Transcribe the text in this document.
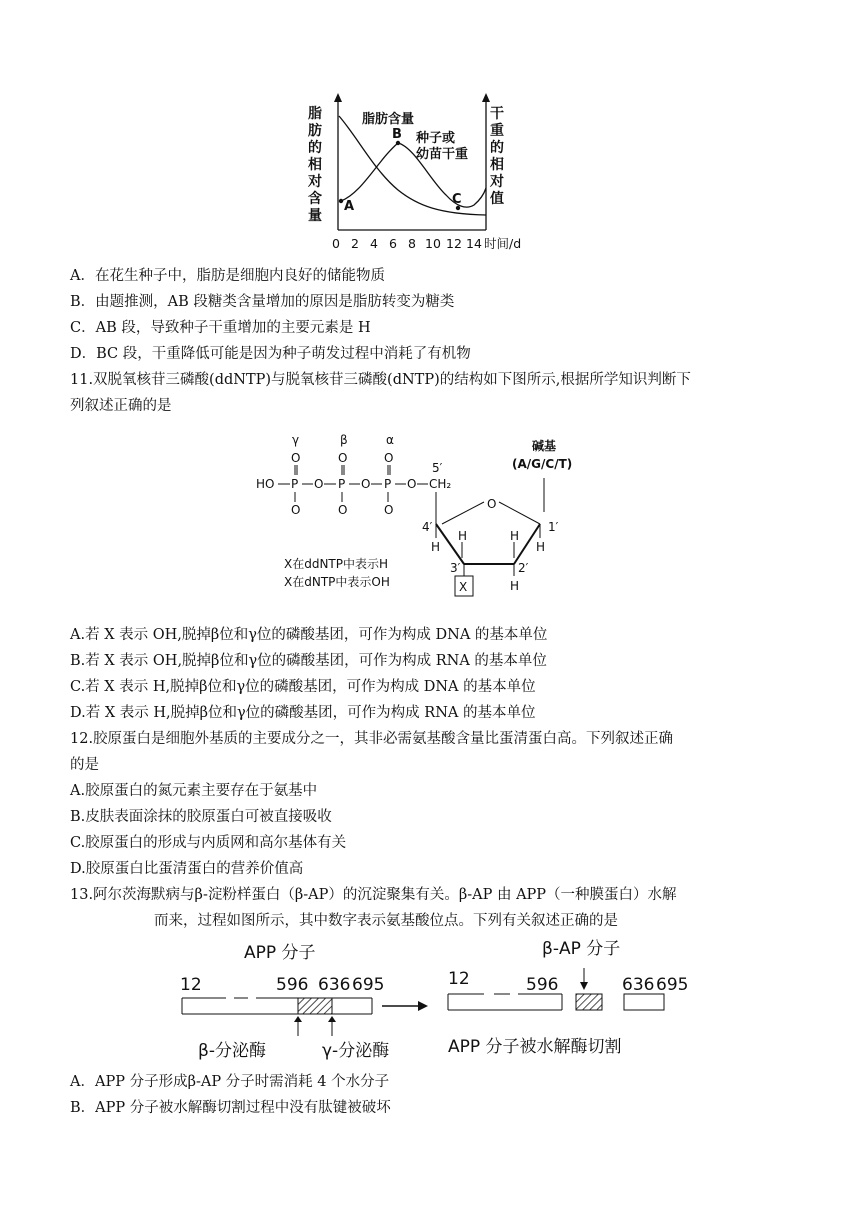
脂
肪
的
相
对
含
量
干
重
的
相
对
值
脂肪含量
种子或
幼苗干重
A
B
C
0 2 4 6 8 10 12 14 时间/d
A．在花生种子中，脂肪是细胞内良好的储能物质
B．由题推测，AB 段糖类含量增加的原因是脂肪转变为糖类
C．AB 段，导致种子干重增加的主要元素是 H
D．BC 段，干重降低可能是因为种子萌发过程中消耗了有机物
11.双脱氧核苷三磷酸(ddNTP)与脱氧核苷三磷酸(dNTP)的结构如下图所示,根据所学知识判断下
列叙述正确的是
γ	β	α
O	O	O
HO P O P O P O CH₂
O	O	O
5′
O
4′	1′
3′	2′
H	H
H	H
X	H
碱基
(A/G/C/T)
X在ddNTP中表示H
X在dNTP中表示OH
A.若 X 表示 OH,脱掉β位和γ位的磷酸基团，可作为构成 DNA 的基本单位
B.若 X 表示 OH,脱掉β位和γ位的磷酸基团，可作为构成 RNA 的基本单位
C.若 X 表示 H,脱掉β位和γ位的磷酸基团，可作为构成 DNA 的基本单位
D.若 X 表示 H,脱掉β位和γ位的磷酸基团，可作为构成 RNA 的基本单位
12.胶原蛋白是细胞外基质的主要成分之一，其非必需氨基酸含量比蛋清蛋白高。下列叙述正确
的是
A.胶原蛋白的氮元素主要存在于氨基中
B.皮肤表面涂抹的胶原蛋白可被直接吸收
C.胶原蛋白的形成与内质网和高尔基体有关
D.胶原蛋白比蛋清蛋白的营养价值高
13.阿尔茨海默病与β-淀粉样蛋白（β-AP）的沉淀聚集有关。β-AP 由 APP（一种膜蛋白）水解
而来，过程如图所示，其中数字表示氨基酸位点。下列有关叙述正确的是
APP 分子
12	596 636 695
β-分泌酶	γ-分泌酶
β-AP 分子
12	596	636 695
APP 分子被水解酶切割
A．APP 分子形成β-AP 分子时需消耗 4 个水分子
B．APP 分子被水解酶切割过程中没有肽键被破坏
